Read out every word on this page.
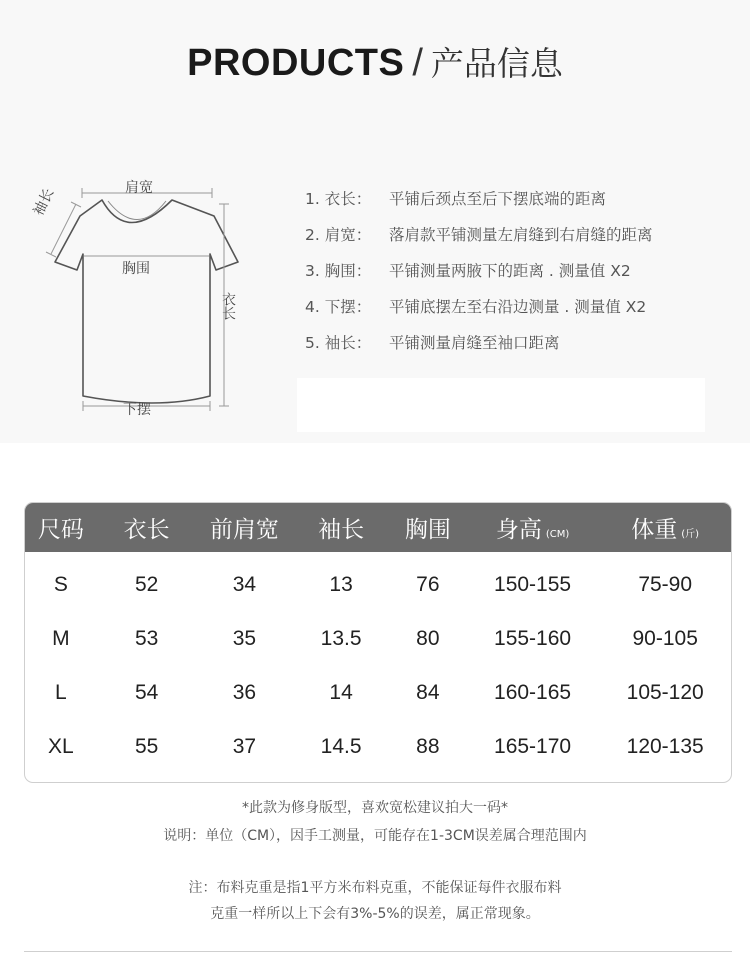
PRODUCTS / 产品信息
肩宽
袖长
胸围
衣长
下摆
1. 衣长：	平铺后颈点至后下摆底端的距离
2. 肩宽：	落肩款平铺测量左肩缝到右肩缝的距离
3. 胸围：	平铺测量两腋下的距离 . 测量值 X2
4. 下摆：	平铺底摆左至右沿边测量 . 测量值 X2
5. 袖长：	平铺测量肩缝至袖口距离
尺码	衣长	前肩宽	袖长	胸围	身高 (CM)	体重 (斤)
S	52	34	13	76	150-155	75-90
M	53	35	13.5	80	155-160	90-105
L	54	36	14	84	160-165	105-120
XL	55	37	14.5	88	165-170	120-135
*此款为修身版型，喜欢宽松建议拍大一码*
说明：单位（CM），因手工测量，可能存在1-3CM误差属合理范围内
注：布料克重是指1平方米布料克重，不能保证每件衣服布料
克重一样所以上下会有3%-5%的误差，属正常现象。
